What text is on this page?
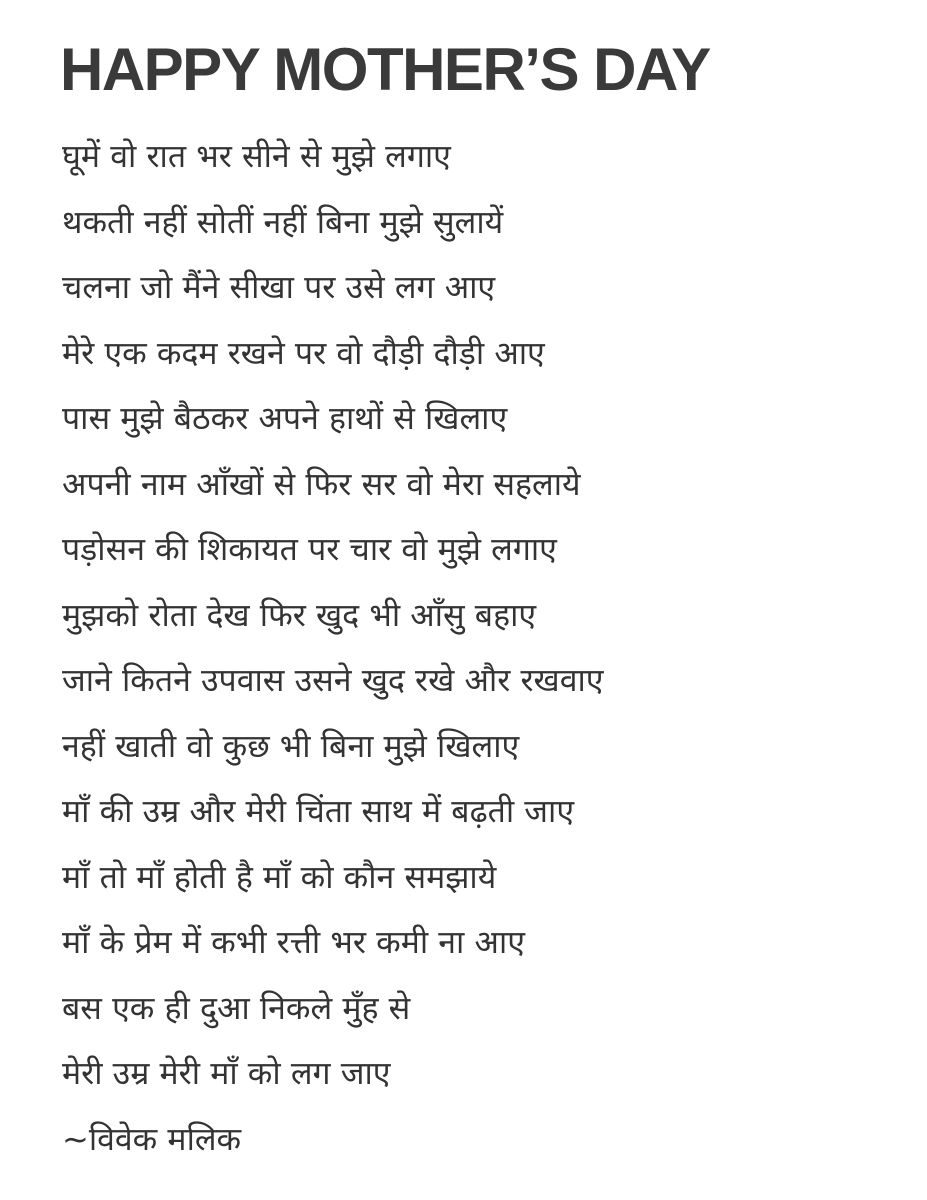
HAPPY MOTHER’S DAY
घूमें वो रात भर सीने से मुझे लगाए
थकती नहीं सोतीं नहीं बिना मुझे सुलायें
चलना जो मैंने सीखा पर उसे लग आए
मेरे एक कदम रखने पर वो दौड़ी दौड़ी आए
पास मुझे बैठकर अपने हाथों से खिलाए
अपनी नाम आँखों से फिर सर वो मेरा सहलाये
पड़ोसन की शिकायत पर चार वो मुझे लगाए
मुझको रोता देख फिर खुद भी आँसु बहाए
जाने कितने उपवास उसने खुद रखे और रखवाए
नहीं खाती वो कुछ भी बिना मुझे खिलाए
माँ की उम्र और मेरी चिंता साथ में बढ़ती जाए
माँ तो माँ होती है माँ को कौन समझाये
माँ के प्रेम में कभी रत्ती भर कमी ना आए
बस एक ही दुआ निकले मुँह से
मेरी उम्र मेरी माँ को लग जाए

~विवेक मलिक
